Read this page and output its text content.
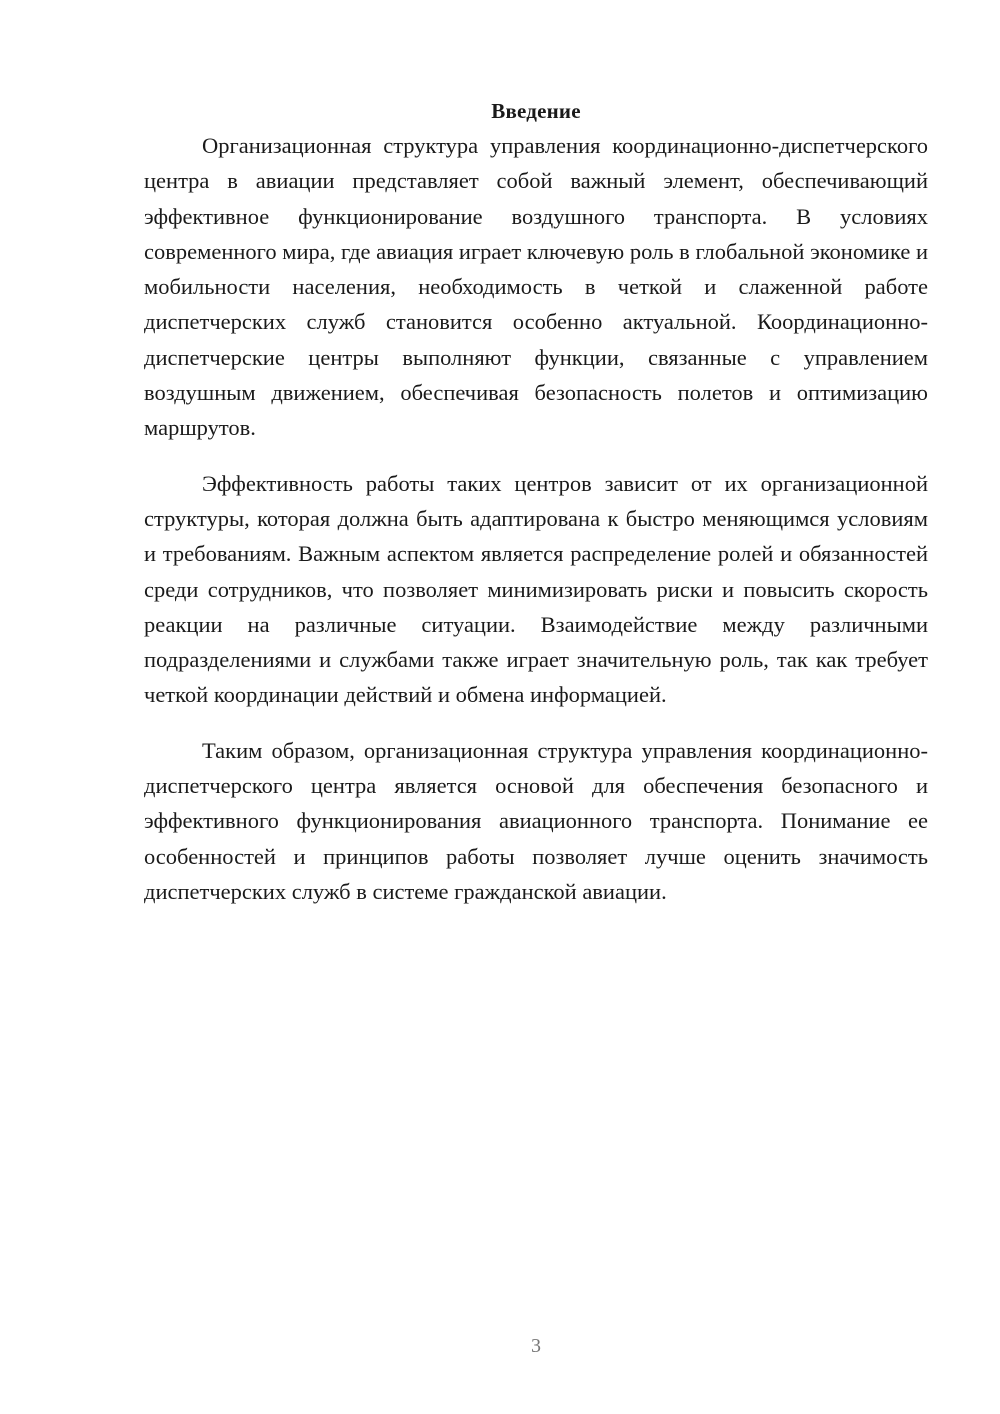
Введение

Организационная структура управления координационно-диспетчерского центра в авиации представляет собой важный элемент, обеспечивающий эффективное функционирование воздушного транспорта. В условиях современного мира, где авиация играет ключевую роль в глобальной экономике и мобильности населения, необходимость в четкой и слаженной работе диспетчерских служб становится особенно актуальной. Координационно-диспетчерские центры выполняют функции, связанные с управлением воздушным движением, обеспечивая безопасность полетов и оптимизацию маршрутов.

Эффективность работы таких центров зависит от их организационной структуры, которая должна быть адаптирована к быстро меняющимся условиям и требованиям. Важным аспектом является распределение ролей и обязанностей среди сотрудников, что позволяет минимизировать риски и повысить скорость реакции на различные ситуации. Взаимодействие между различными подразделениями и службами также играет значительную роль, так как требует четкой координации действий и обмена информацией.

Таким образом, организационная структура управления координационно-диспетчерского центра является основой для обеспечения безопасного и эффективного функционирования авиационного транспорта. Понимание ее особенностей и принципов работы позволяет лучше оценить значимость диспетчерских служб в системе гражданской авиации.

3
